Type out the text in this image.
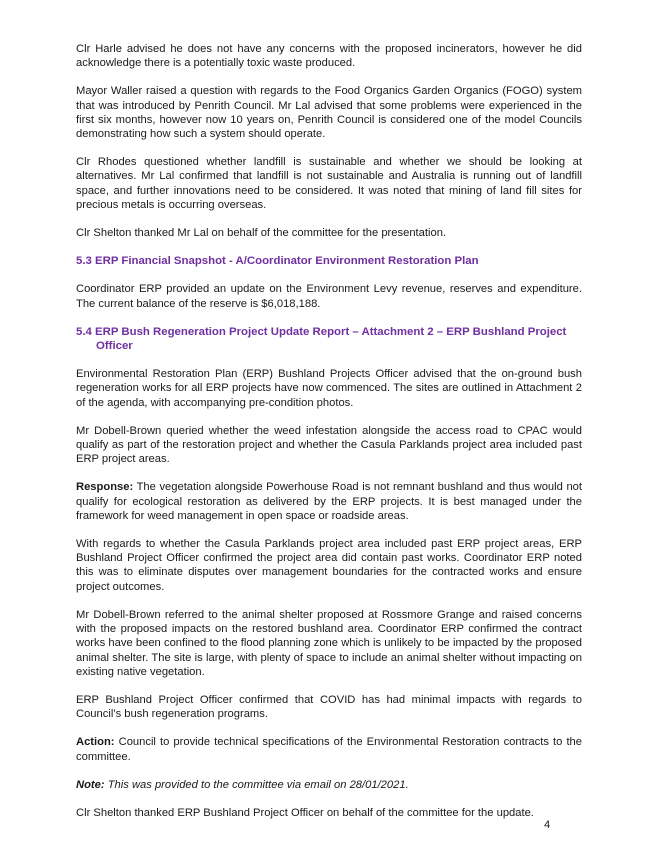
Clr Harle advised he does not have any concerns with the proposed incinerators, however he did acknowledge there is a potentially toxic waste produced.

Mayor Waller raised a question with regards to the Food Organics Garden Organics (FOGO) system that was introduced by Penrith Council. Mr Lal advised that some problems were experienced in the first six months, however now 10 years on, Penrith Council is considered one of the model Councils demonstrating how such a system should operate.

Clr Rhodes questioned whether landfill is sustainable and whether we should be looking at alternatives. Mr Lal confirmed that landfill is not sustainable and Australia is running out of landfill space, and further innovations need to be considered. It was noted that mining of land fill sites for precious metals is occurring overseas.

Clr Shelton thanked Mr Lal on behalf of the committee for the presentation.

5.3 ERP Financial Snapshot - A/Coordinator Environment Restoration Plan

Coordinator ERP provided an update on the Environment Levy revenue, reserves and expenditure. The current balance of the reserve is $6,018,188.

5.4 ERP Bush Regeneration Project Update Report – Attachment 2 – ERP Bushland Project Officer

Environmental Restoration Plan (ERP) Bushland Projects Officer advised that the on-ground bush regeneration works for all ERP projects have now commenced. The sites are outlined in Attachment 2 of the agenda, with accompanying pre-condition photos.

Mr Dobell-Brown queried whether the weed infestation alongside the access road to CPAC would qualify as part of the restoration project and whether the Casula Parklands project area included past ERP project areas.

Response: The vegetation alongside Powerhouse Road is not remnant bushland and thus would not qualify for ecological restoration as delivered by the ERP projects. It is best managed under the framework for weed management in open space or roadside areas.

With regards to whether the Casula Parklands project area included past ERP project areas, ERP Bushland Project Officer confirmed the project area did contain past works. Coordinator ERP noted this was to eliminate disputes over management boundaries for the contracted works and ensure project outcomes.

Mr Dobell-Brown referred to the animal shelter proposed at Rossmore Grange and raised concerns with the proposed impacts on the restored bushland area. Coordinator ERP confirmed the contract works have been confined to the flood planning zone which is unlikely to be impacted by the proposed animal shelter. The site is large, with plenty of space to include an animal shelter without impacting on existing native vegetation.

ERP Bushland Project Officer confirmed that COVID has had minimal impacts with regards to Council’s bush regeneration programs.

Action: Council to provide technical specifications of the Environmental Restoration contracts to the committee.

Note: This was provided to the committee via email on 28/01/2021.

Clr Shelton thanked ERP Bushland Project Officer on behalf of the committee for the update.

4
